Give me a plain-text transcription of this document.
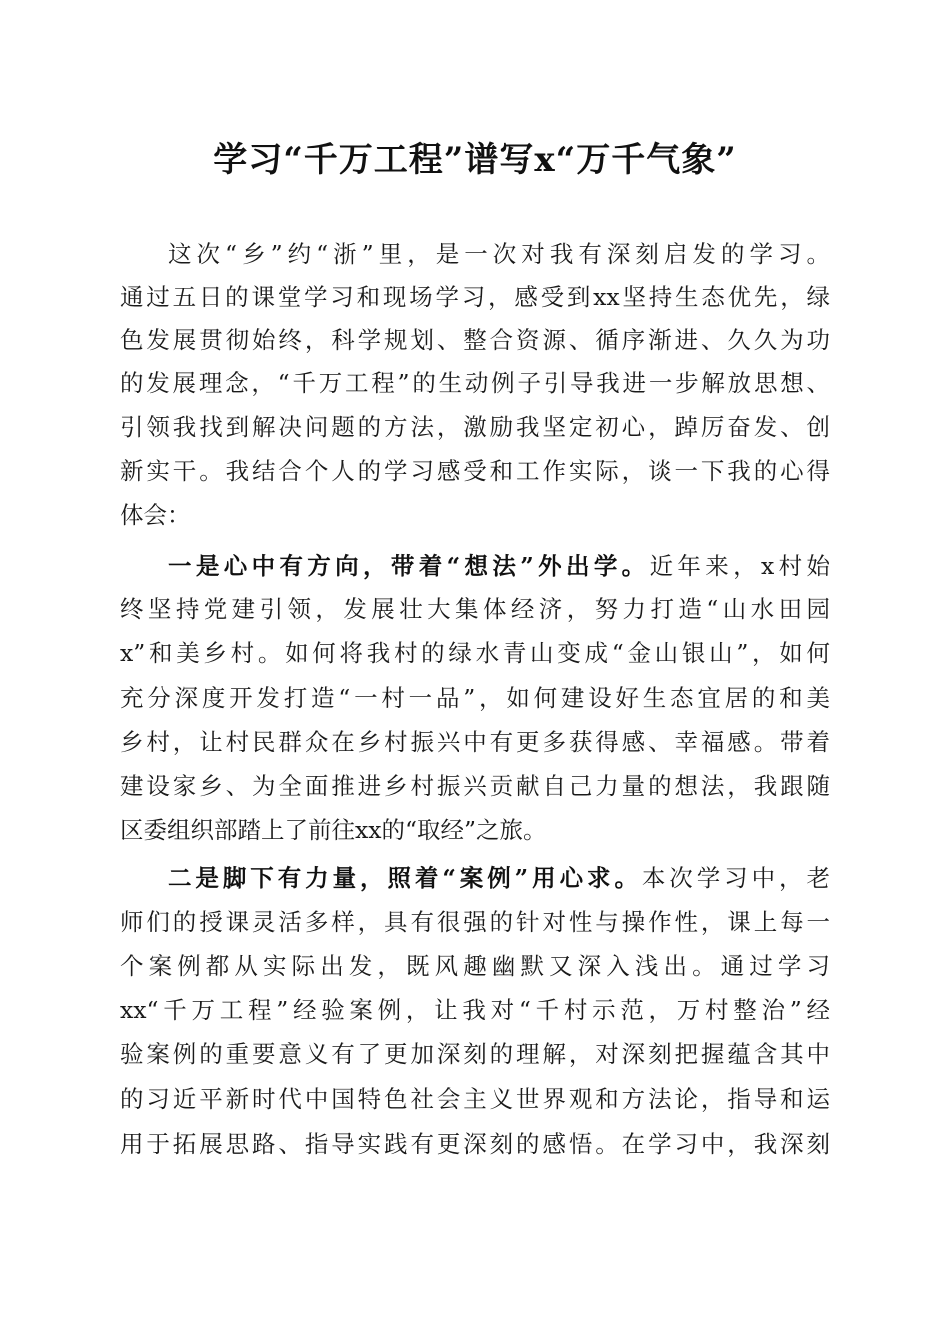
学习“千万工程”谱写x“万千气象”
这次“乡”约“浙”里，是一次对我有深刻启发的学习。
通过五日的课堂学习和现场学习，感受到xx坚持生态优先，绿
色发展贯彻始终，科学规划、整合资源、循序渐进、久久为功
的发展理念，“千万工程”的生动例子引导我进一步解放思想、
引领我找到解决问题的方法，激励我坚定初心，踔厉奋发、创
新实干。我结合个人的学习感受和工作实际，谈一下我的心得
体会：
一是心中有方向，带着“想法”外出学。近年来，x村始
终坚持党建引领，发展壮大集体经济，努力打造“山水田园
x”和美乡村。如何将我村的绿水青山变成“金山银山”，如何
充分深度开发打造“一村一品”，如何建设好生态宜居的和美
乡村，让村民群众在乡村振兴中有更多获得感、幸福感。带着
建设家乡、为全面推进乡村振兴贡献自己力量的想法，我跟随
区委组织部踏上了前往xx的“取经”之旅。
二是脚下有力量，照着“案例”用心求。本次学习中，老
师们的授课灵活多样，具有很强的针对性与操作性，课上每一
个案例都从实际出发，既风趣幽默又深入浅出。通过学习
xx“千万工程”经验案例，让我对“千村示范，万村整治”经
验案例的重要意义有了更加深刻的理解，对深刻把握蕴含其中
的习近平新时代中国特色社会主义世界观和方法论，指导和运
用于拓展思路、指导实践有更深刻的感悟。在学习中，我深刻
